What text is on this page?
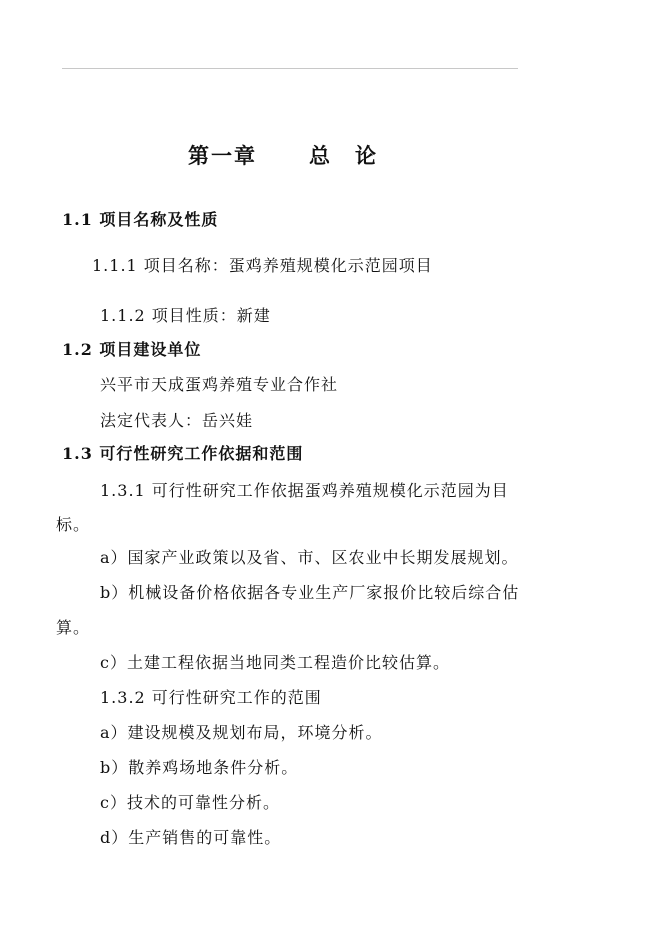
第一章 总　论
1.1 项目名称及性质
1.1.1 项目名称：蛋鸡养殖规模化示范园项目
1.1.2 项目性质：新建
1.2 项目建设单位
兴平市天成蛋鸡养殖专业合作社
法定代表人：岳兴娃
1.3 可行性研究工作依据和范围
1.3.1 可行性研究工作依据蛋鸡养殖规模化示范园为目
标。
a）国家产业政策以及省、市、区农业中长期发展规划。
b）机械设备价格依据各专业生产厂家报价比较后综合估
算。
c）土建工程依据当地同类工程造价比较估算。
1.3.2 可行性研究工作的范围
a）建设规模及规划布局，环境分析。
b）散养鸡场地条件分析。
c）技术的可靠性分析。
d）生产销售的可靠性。
